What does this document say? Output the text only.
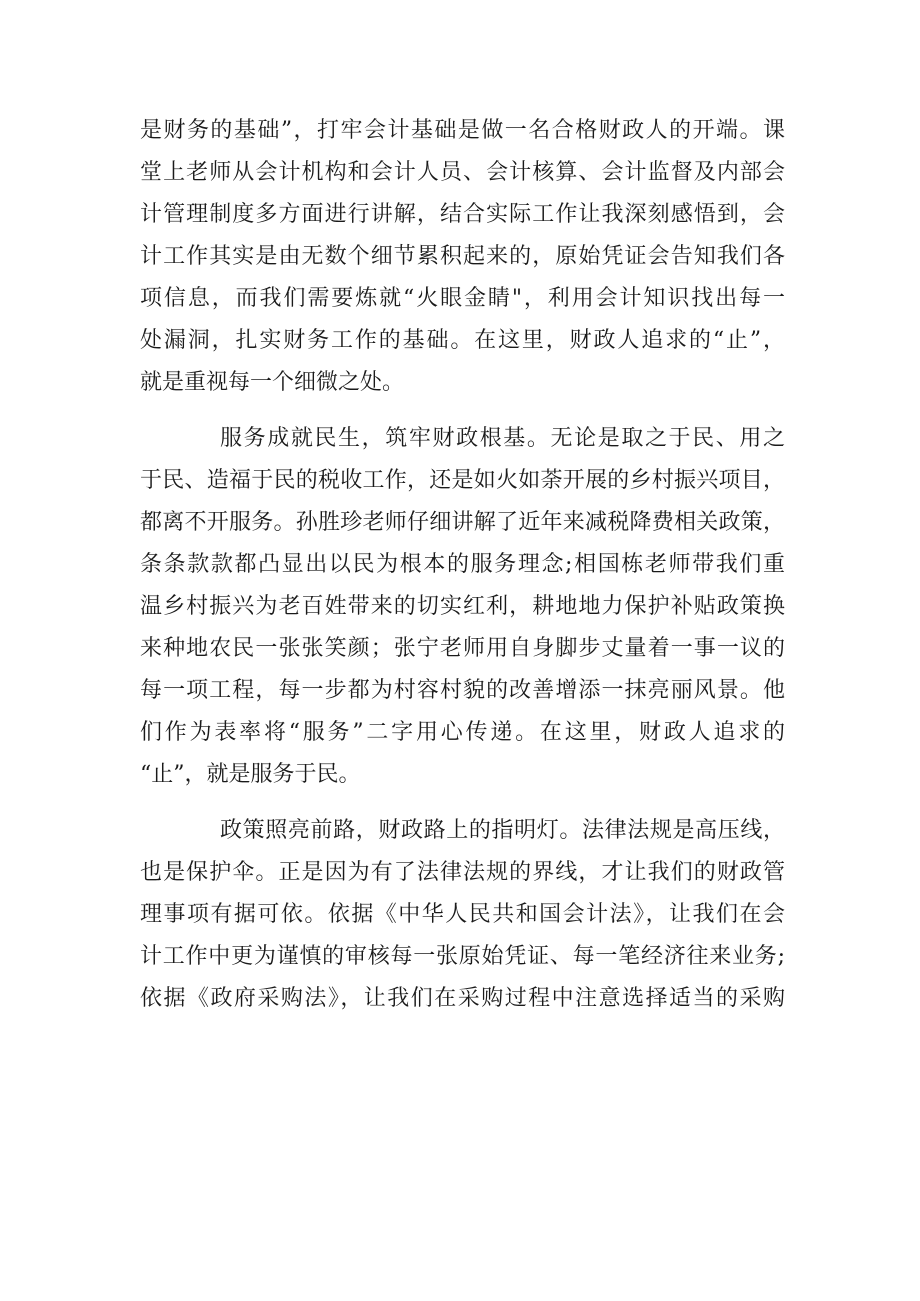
是财务的基础”，打牢会计基础是做一名合格财政人的开端。课
堂上老师从会计机构和会计人员、会计核算、会计监督及内部会
计管理制度多方面进行讲解，结合实际工作让我深刻感悟到，会
计工作其实是由无数个细节累积起来的，原始凭证会告知我们各
项信息，而我们需要炼就“火眼金睛"，利用会计知识找出每一
处漏洞，扎实财务工作的基础。在这里，财政人追求的“止”，
就是重视每一个细微之处。
服务成就民生，筑牢财政根基。无论是取之于民、用之
于民、造福于民的税收工作，还是如火如荼开展的乡村振兴项目，
都离不开服务。孙胜珍老师仔细讲解了近年来减税降费相关政策，
条条款款都凸显出以民为根本的服务理念;相国栋老师带我们重
温乡村振兴为老百姓带来的切实红利，耕地地力保护补贴政策换
来种地农民一张张笑颜；张宁老师用自身脚步丈量着一事一议的
每一项工程，每一步都为村容村貌的改善增添一抹亮丽风景。他
们作为表率将“服务”二字用心传递。在这里，财政人追求的
“止”，就是服务于民。
政策照亮前路，财政路上的指明灯。法律法规是高压线，
也是保护伞。正是因为有了法律法规的界线，才让我们的财政管
理事项有据可依。依据《中华人民共和国会计法》，让我们在会
计工作中更为谨慎的审核每一张原始凭证、每一笔经济往来业务;
依据《政府采购法》，让我们在采购过程中注意选择适当的采购
